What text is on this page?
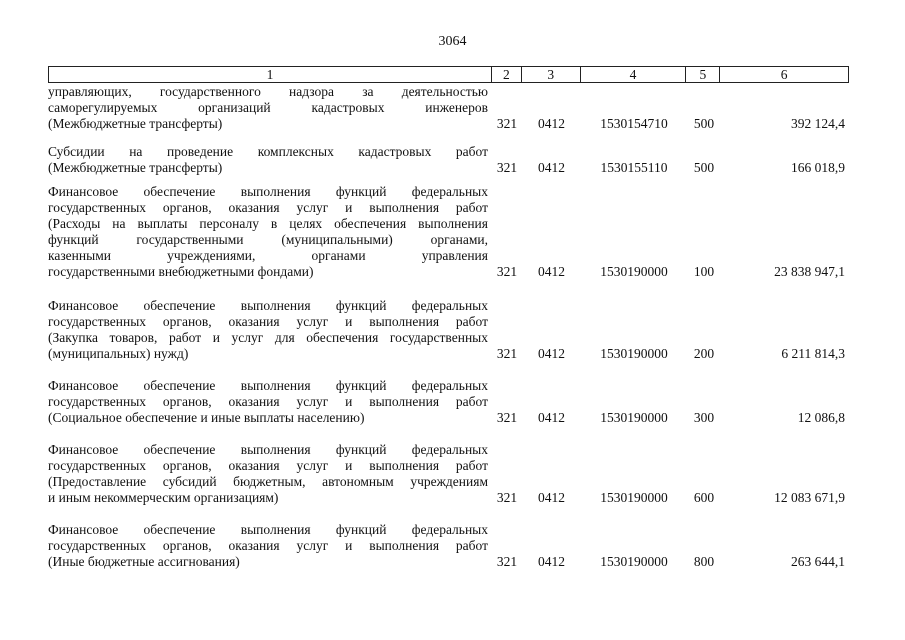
3064
1	2	3	4	5	6
управляющих, государственного надзора за деятельностью
саморегулируемых организаций кадастровых инженеров
(Межбюджетные трансферты)	321	0412	1530154710	500	392 124,4
Субсидии на проведение комплексных кадастровых работ
(Межбюджетные трансферты)	321	0412	1530155110	500	166 018,9
Финансовое обеспечение выполнения функций федеральных
государственных органов, оказания услуг и выполнения работ
(Расходы на выплаты персоналу в целях обеспечения выполнения
функций государственными (муниципальными) органами,
казенными учреждениями, органами управления
государственными внебюджетными фондами)	321	0412	1530190000	100	23 838 947,1
Финансовое обеспечение выполнения функций федеральных
государственных органов, оказания услуг и выполнения работ
(Закупка товаров, работ и услуг для обеспечения государственных
(муниципальных) нужд)	321	0412	1530190000	200	6 211 814,3
Финансовое обеспечение выполнения функций федеральных
государственных органов, оказания услуг и выполнения работ
(Социальное обеспечение и иные выплаты населению)	321	0412	1530190000	300	12 086,8
Финансовое обеспечение выполнения функций федеральных
государственных органов, оказания услуг и выполнения работ
(Предоставление субсидий бюджетным, автономным учреждениям
и иным некоммерческим организациям)	321	0412	1530190000	600	12 083 671,9
Финансовое обеспечение выполнения функций федеральных
государственных органов, оказания услуг и выполнения работ
(Иные бюджетные ассигнования)	321	0412	1530190000	800	263 644,1
